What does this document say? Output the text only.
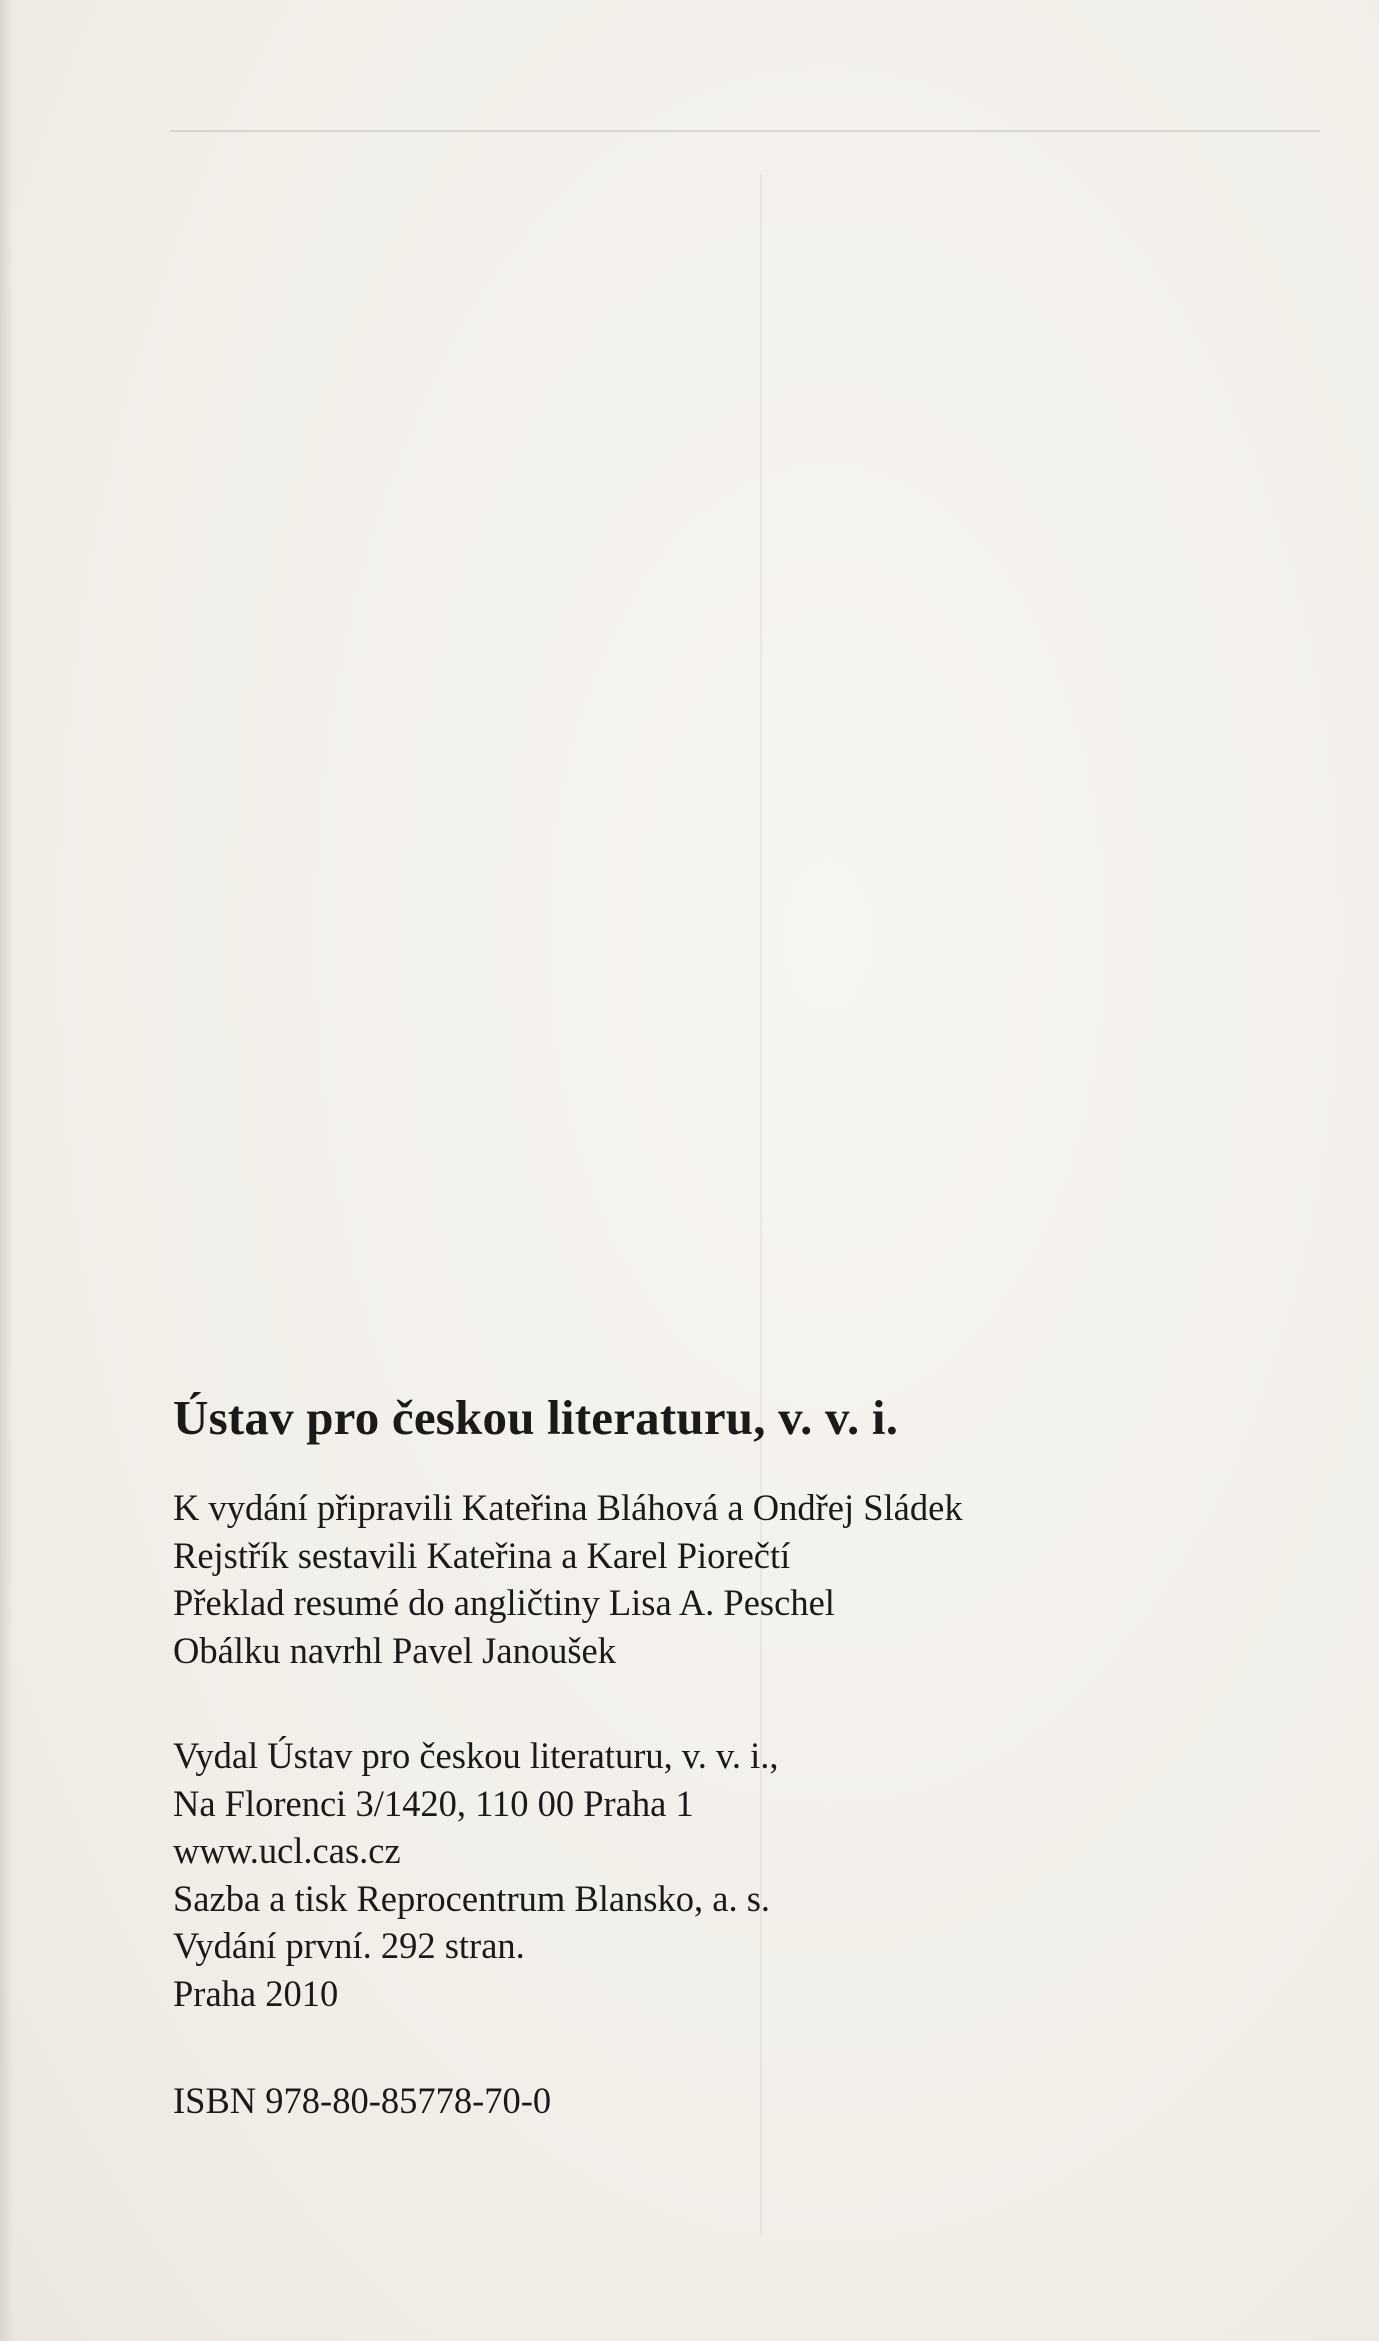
Ústav pro českou literaturu, v. v. i.
K vydání připravili Kateřina Bláhová a Ondřej Sládek
Rejstřík sestavili Kateřina a Karel Piorečtí
Překlad resumé do angličtiny Lisa A. Peschel
Obálku navrhl Pavel Janoušek
Vydal Ústav pro českou literaturu, v. v. i.,
Na Florenci 3/1420, 110 00 Praha 1
www.ucl.cas.cz
Sazba a tisk Reprocentrum Blansko, a. s.
Vydání první. 292 stran.
Praha 2010
ISBN 978-80-85778-70-0
